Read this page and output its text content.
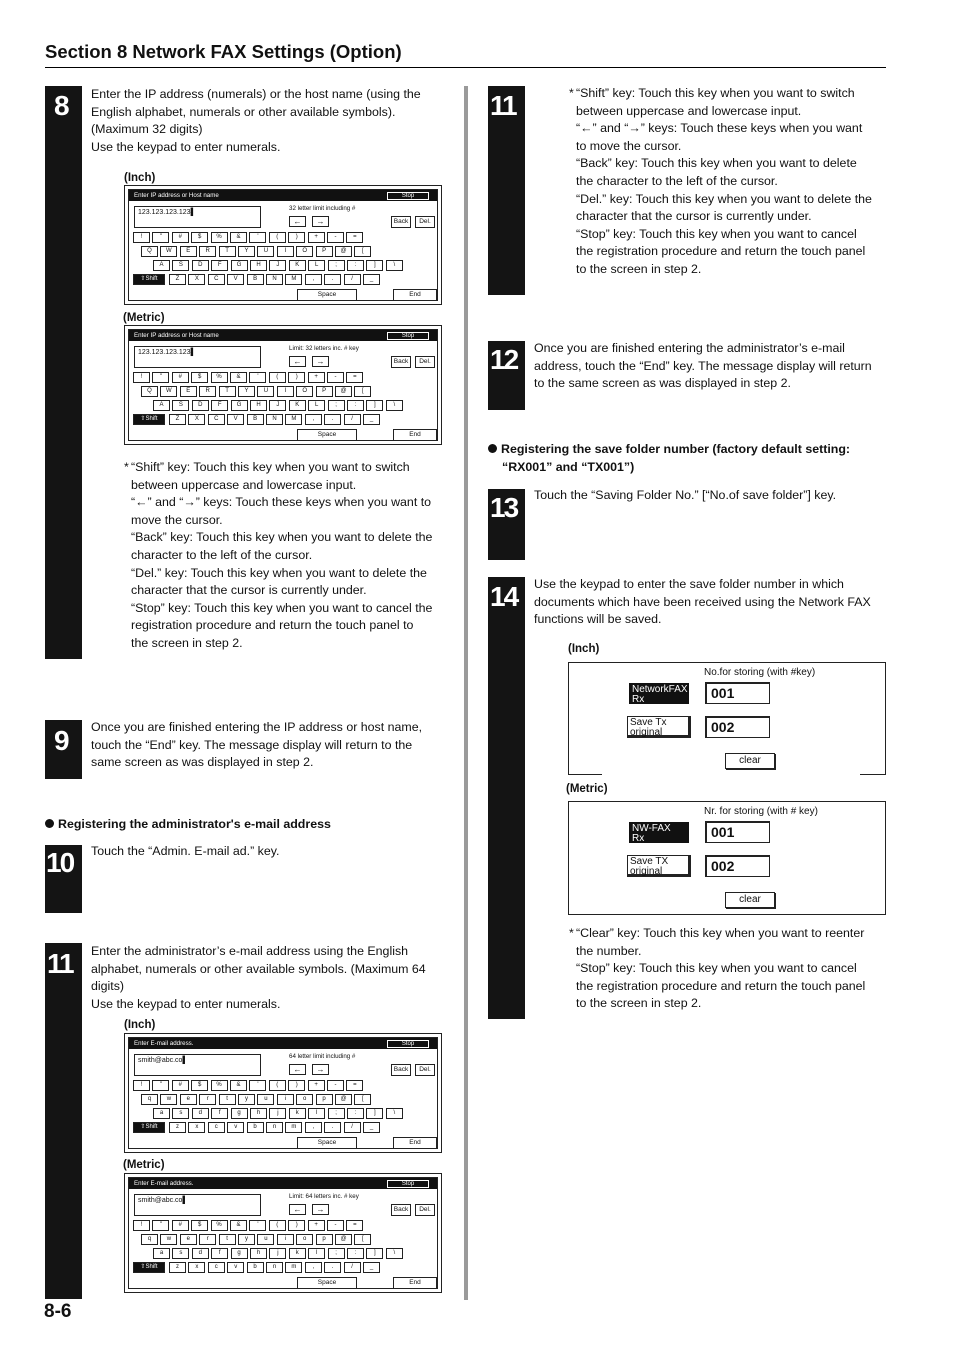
Section 8 Network FAX Settings (Option)
8 Enter the IP address (numerals) or the host name (using the

English alphabet, numerals or other available symbols).

(Maximum 32 digits)

Use the keypad to enter numerals.

(Inch)
Enter IP address or Host name	Stop
123.123.123.123▌
32 letter limit including #
←	→	Back	Del.
!	"	#	$	%	&	'	(	)	+	-	=
Q	W	E	R	T	Y	U	I	O	P	@	[
A	S	D	F	G	H	J	K	L	;	:	]	\
Z	X	C	V	B	N	M	,	.	/	_
⇧Shift
Space	End
(Metric)
Enter IP address or Host name	Stop
123.123.123.123▌
Limit: 32 letters inc. # key
←	→	Back	Del.
!	"	#	$	%	&	'	(	)	+	-	=
Q	W	E	R	T	Y	U	I	O	P	@	[
A	S	D	F	G	H	J	K	L	;	:	]	\
Z	X	C	V	B	N	M	,	.	/	_
⇧Shift
Space	End
* “Shift” key: Touch this key when you want to switch
between uppercase and lowercase input.
“←” and “→” keys: Touch these keys when you want to
move the cursor.
“Back” key: Touch this key when you want to delete the
character to the left of the cursor.
“Del.” key: Touch this key when you want to delete the
character that the cursor is currently under.
“Stop” key: Touch this key when you want to cancel the
registration procedure and return the touch panel to
the screen in step 2.
9 Once you are finished entering the IP address or host name,

touch the “End” key. The message display will return to the

same screen as was displayed in step 2.

Registering the administrator's e-mail address
10 Touch the “Admin. E-mail ad.” key.

11 Enter the administrator’s e-mail address using the English

alphabet, numerals or other available symbols. (Maximum 64

digits)

Use the keypad to enter numerals.

(Inch)
Enter E-mail address.	Stop
smith@abc.co▌
64 letter limit including #
←	→	Back	Del.
!	"	#	$	%	&	'	(	)	+	-	=
q	w	e	r	t	y	u	i	o	p	@	[
a	s	d	f	g	h	j	k	l	;	:	]	\
z	x	c	v	b	n	m	,	.	/	_
⇧Shift
Space	End
(Metric)
Enter E-mail address.	Stop
smith@abc.co▌
Limit: 64 letters inc. # key
←	→	Back	Del.
!	"	#	$	%	&	'	(	)	+	-	=
q	w	e	r	t	y	u	i	o	p	@	[
a	s	d	f	g	h	j	k	l	;	:	]	\
z	x	c	v	b	n	m	,	.	/	_
⇧Shift
Space	End
11	* “Shift” key: Touch this key when you want to switch
between uppercase and lowercase input.
“←” and “→” keys: Touch these keys when you want
to move the cursor.
“Back” key: Touch this key when you want to delete
the character to the left of the cursor.
“Del.” key: Touch this key when you want to delete the
character that the cursor is currently under.
“Stop” key: Touch this key when you want to cancel
the registration procedure and return the touch panel
to the screen in step 2.
12 Once you are finished entering the administrator’s e-mail

address, touch the “End” key. The message display will return

to the same screen as was displayed in step 2.

Registering the save folder number (factory default setting:
“RX001” and “TX001”)
13 Touch the “Saving Folder No.” [“No.of save folder”] key.

14 Use the keypad to enter the save folder number in which

documents which have been received using the Network FAX

functions will be saved.

(Inch)
No.for storing (with #key)
NetworkFAX
Rx	001
Save Tx
original	002
clear
(Metric)
Nr. for storing (with # key)
NW-FAX
Rx	001
Save TX
original	002
clear
* “Clear” key: Touch this key when you want to reenter
the number.
“Stop” key: Touch this key when you want to cancel
the registration procedure and return the touch panel
to the screen in step 2.
8-6
